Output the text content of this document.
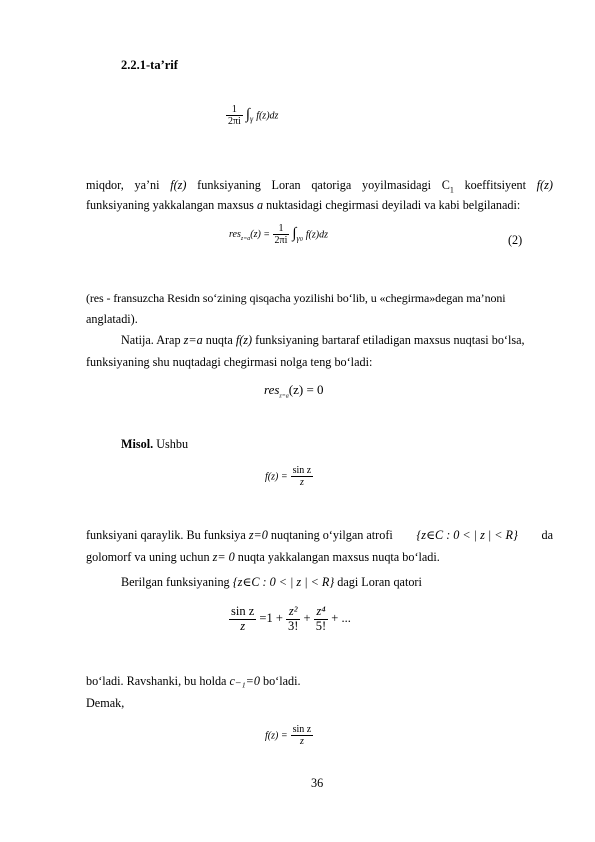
2.2.1-ta’rif
$\frac{1}{2\pi i} \int_\gamma$ f(z)dz
miqdor, ya’ni f(z) funksiyaning Loran qatoriga yoyilmasidagi $C_1$ koeffitsiyent f(z)
funksiyaning yakkalangan maxsus a nuktasidagi chegirmasi deyiladi va kabi belgilanadi:
$res_{z=a}(z) = \frac{1}{2\pi i} \int_{\gamma 0}$ f(z)dz	(2)
(res - fransuzcha Residn so‘zining qisqacha yozilishi bo‘lib, u «chegirma»degan ma’noni
anglatadi).
Natija. Arap z=a nuqta f(z) funksiyaning bartaraf etiladigan maxsus nuqtasi bo‘lsa,
funksiyaning shu nuqtadagi chegirmasi nolga teng bo‘ladi:
res$_{z=a}$(z) = 0
Misol. Ushbu
$f(z) = \frac{\text{sin z}}{z}$
funksiyani qaraylik. Bu funksiya z=0 nuqtaning o‘yilgan atrofi {z∈C : 0 < | z | < R} da
golomorf va uning uchun z= 0 nuqta yakkalangan maxsus nuqta bo‘ladi.
Berilgan funksiyaning {z∈C : 0 < | z | < R} dagi Loran qatori
$\frac{\text{sin z}}{z} =1 + \frac{\text{z²}}{3!} + \frac{\text{z⁴}}{5!}$ + ...
bo‘ladi. Ravshanki, bu holda c₋₁=0 bo‘ladi.
Demak,
$f(z) = \frac{\text{sin z}}{z}$
36
